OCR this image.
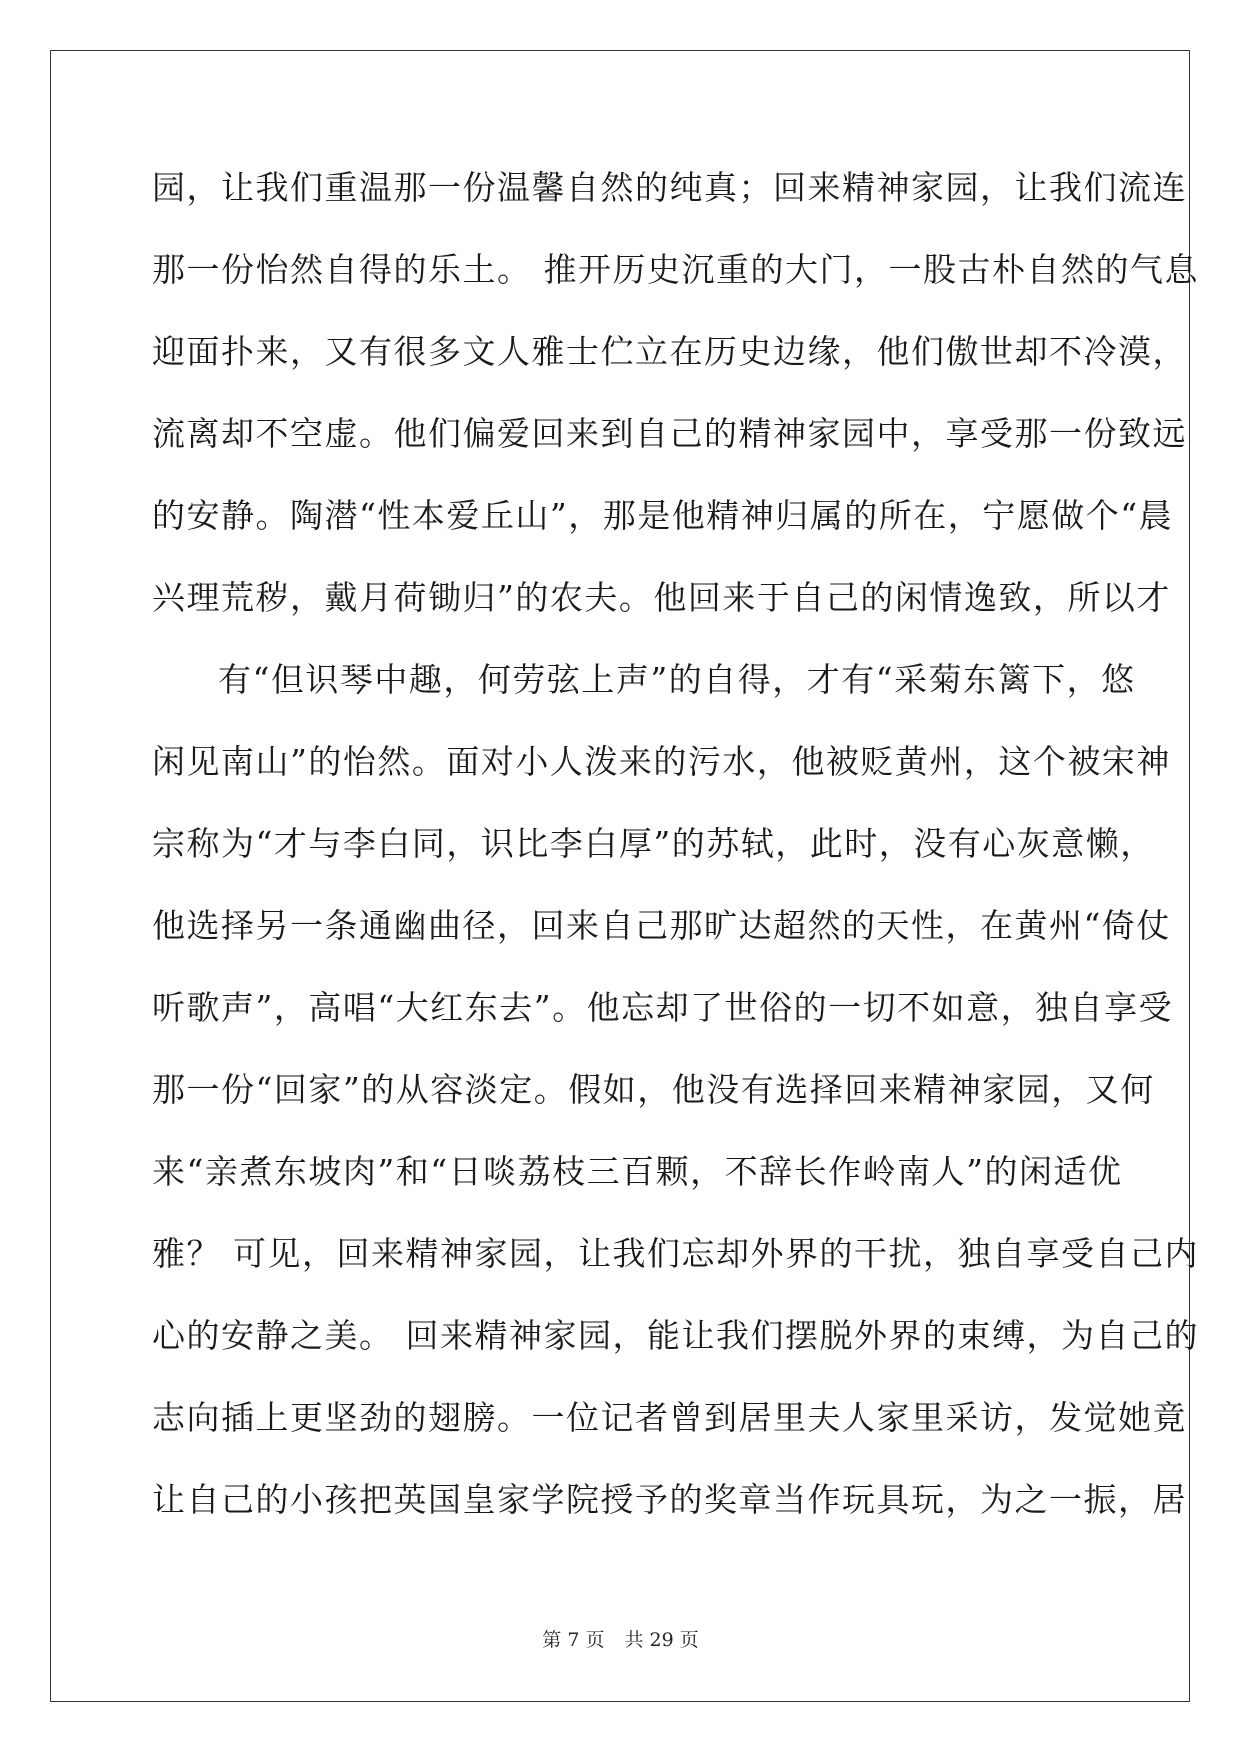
园，让我们重温那一份温馨自然的纯真；回来精神家园，让我们流连
那一份怡然自得的乐土。 推开历史沉重的大门，一股古朴自然的气息
迎面扑来，又有很多文人雅士伫立在历史边缘，他们傲世却不冷漠，
流离却不空虚。他们偏爱回来到自己的精神家园中，享受那一份致远
的安静。陶潜“性本爱丘山”，那是他精神归属的所在，宁愿做个“晨
兴理荒秽，戴月荷锄归”的农夫。他回来于自己的闲情逸致，所以才
有“但识琴中趣，何劳弦上声”的自得，才有“采菊东篱下，悠
闲见南山”的怡然。面对小人泼来的污水，他被贬黄州，这个被宋神
宗称为“才与李白同，识比李白厚”的苏轼，此时，没有心灰意懒，
他选择另一条通幽曲径，回来自己那旷达超然的天性，在黄州“倚仗
听歌声”，高唱“大红东去”。他忘却了世俗的一切不如意，独自享受
那一份“回家”的从容淡定。假如，他没有选择回来精神家园，又何
来“亲煮东坡肉”和“日啖荔枝三百颗，不辞长作岭南人”的闲适优
雅？ 可见，回来精神家园，让我们忘却外界的干扰，独自享受自己内
心的安静之美。 回来精神家园，能让我们摆脱外界的束缚，为自己的
志向插上更坚劲的翅膀。一位记者曾到居里夫人家里采访，发觉她竟
让自己的小孩把英国皇家学院授予的奖章当作玩具玩，为之一振，居
第 7 页 共 29 页
